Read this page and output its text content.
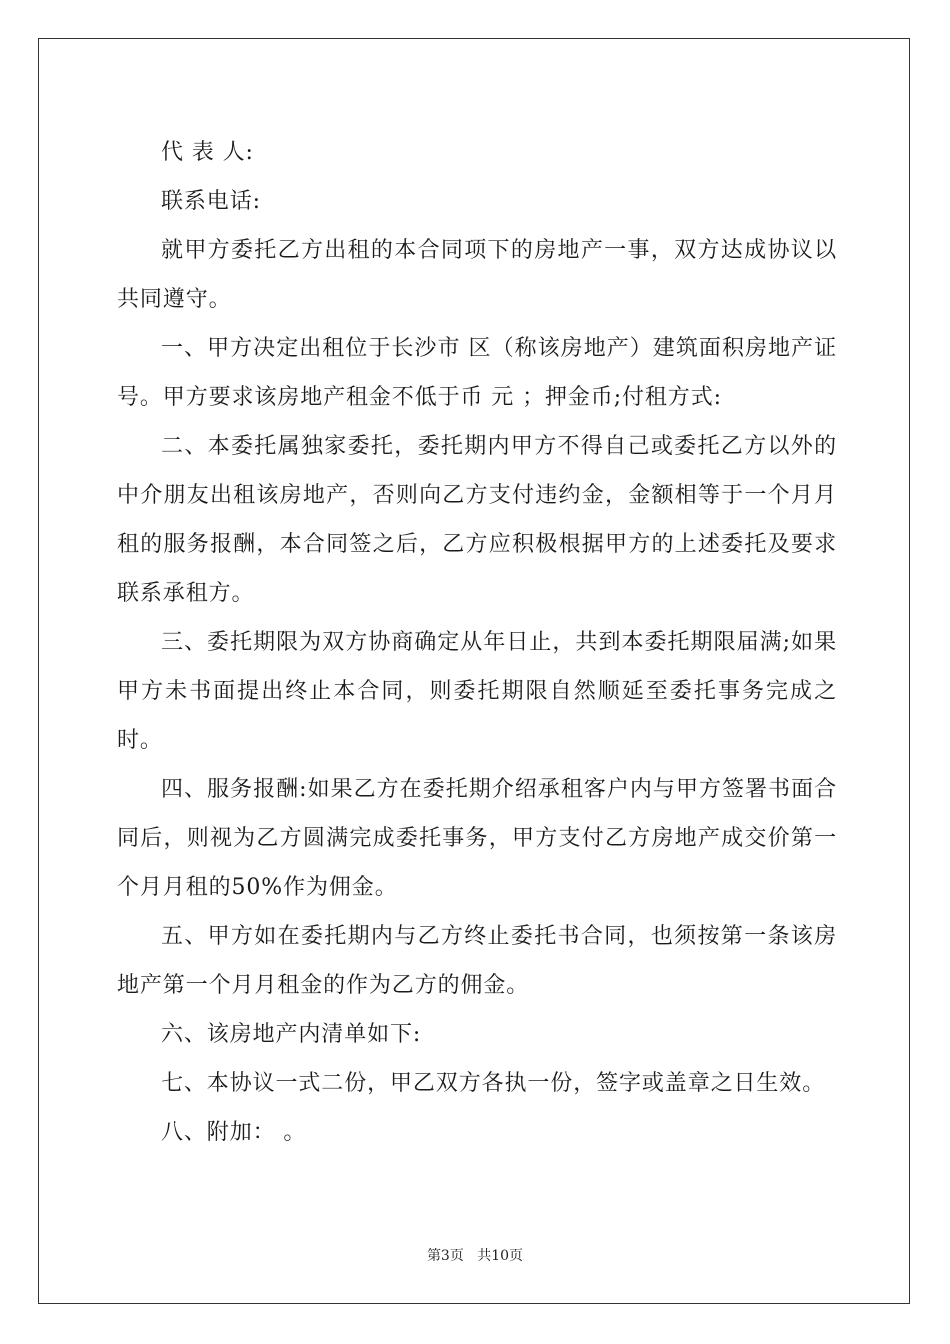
代 表 人:

联系电话:

就甲方委托乙方出租的本合同项下的房地产一事，双方达成协议以共同遵守。

一、甲方决定出租位于长沙市 区（称该房地产）建筑面积房地产证号。甲方要求该房地产租金不低于币 元 ；押金币;付租方式:

二、本委托属独家委托，委托期内甲方不得自己或委托乙方以外的中介朋友出租该房地产，否则向乙方支付违约金，金额相等于一个月月租的服务报酬，本合同签之后，乙方应积极根据甲方的上述委托及要求联系承租方。

三、委托期限为双方协商确定从年日止，共到本委托期限届满;如果甲方未书面提出终止本合同，则委托期限自然顺延至委托事务完成之时。

四、服务报酬:如果乙方在委托期介绍承租客户内与甲方签署书面合同后，则视为乙方圆满完成委托事务，甲方支付乙方房地产成交价第一个月月租的50%作为佣金。

五、甲方如在委托期内与乙方终止委托书合同，也须按第一条该房地产第一个月月租金的作为乙方的佣金。

六、该房地产内清单如下:

七、本协议一式二份，甲乙双方各执一份，签字或盖章之日生效。

八、附加： 。

第3页 共10页
